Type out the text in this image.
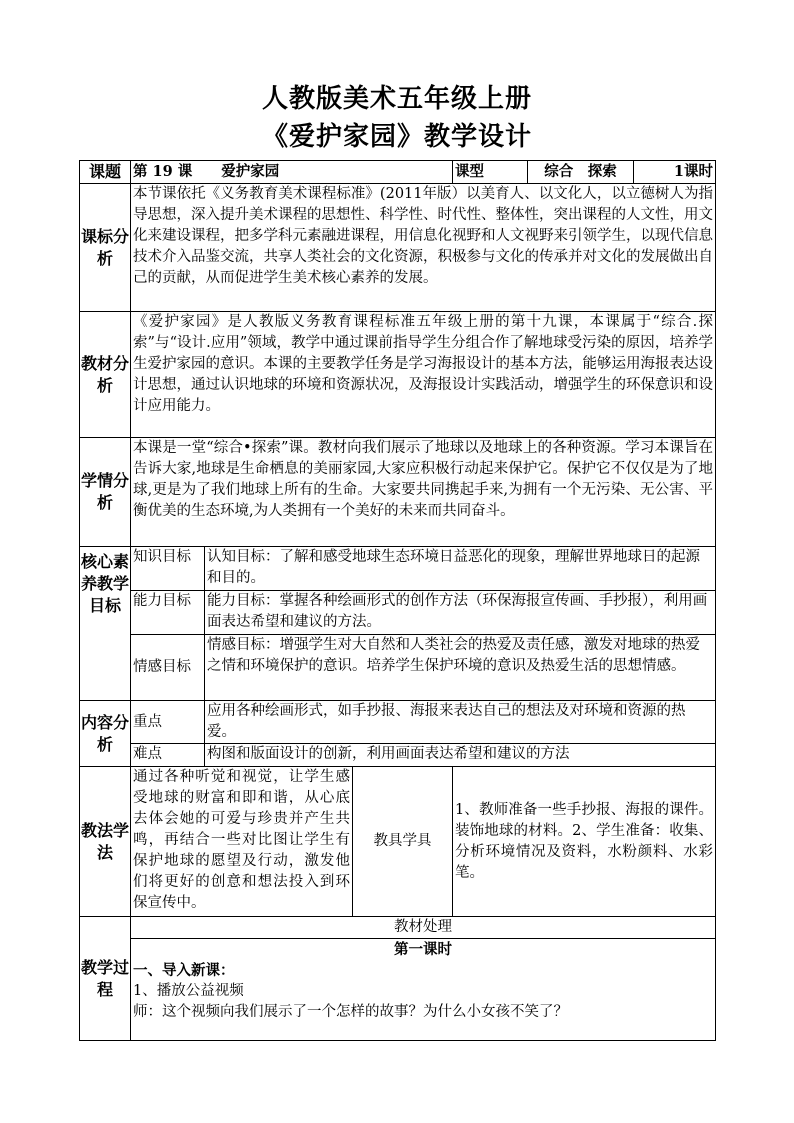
人教版美术五年级上册
《爱护家园》教学设计
课题	第 19 课　　爱护家园			课型	综合　探索	1课时
课标分析	本节课依托《义务教育美术课程标准》(2011年版）以美育人、以文化人，以立德树人为指导思想，深入提升美术课程的思想性、科学性、时代性、整体性，突出课程的人文性，用文化来建设课程，把多学科元素融进课程，用信息化视野和人文视野来引领学生，以现代信息技术介入品鉴交流，共享人类社会的文化资源，积极参与文化的传承并对文化的发展做出自己的贡献，从而促进学生美术核心素养的发展。					
教材分析	《爱护家园》是人教版义务教育课程标准五年级上册的第十九课，本课属于“综合.探索”与“设计.应用”领域，教学中通过课前指导学生分组合作了解地球受污染的原因，培养学生爱护家园的意识。本课的主要教学任务是学习海报设计的基本方法，能够运用海报表达设计思想，通过认识地球的环境和资源状况，及海报设计实践活动，增强学生的环保意识和设计应用能力。					
学情分析	本课是一堂“综合•探索”课。教材向我们展示了地球以及地球上的各种资源。学习本课旨在告诉大家,地球是生命栖息的美丽家园,大家应积极行动起来保护它。保护它不仅仅是为了地球,更是为了我们地球上所有的生命。大家要共同携起手来,为拥有一个无污染、无公害、平衡优美的生态环境,为人类拥有一个美好的未来而共同奋斗。					
核心素养教学目标	知识目标	认知目标：了解和感受地球生态环境日益恶化的现象，理解世界地球日的起源和目的。				
	能力目标	能力目标：掌握各种绘画形式的创作方法（环保海报宣传画、手抄报），利用画面表达希望和建议的方法。				
	情感目标	情感目标：增强学生对大自然和人类社会的热爱及责任感，激发对地球的热爱之情和环境保护的意识。培养学生保护环境的意识及热爱生活的思想情感。				
内容分析	重点	应用各种绘画形式，如手抄报、海报来表达自己的想法及对环境和资源的热爱。				
	难点	构图和版面设计的创新，利用画面表达希望和建议的方法				
教法学法	通过各种听觉和视觉，让学生感受地球的财富和即和谐，从心底去体会她的可爱与珍贵并产生共鸣，再结合一些对比图让学生有保护地球的愿望及行动，激发他们将更好的创意和想法投入到环保宣传中。		教具学具	1、教师准备一些手抄报、海报的课件。装饰地球的材料。2、学生准备：收集、分析环境情况及资料，水粉颜料、水彩笔。		
教学过程	教材处理					

	第一课时
一、导入新课：
1、播放公益视频
师：这个视频向我们展示了一个怎样的故事？为什么小女孩不笑了？					
